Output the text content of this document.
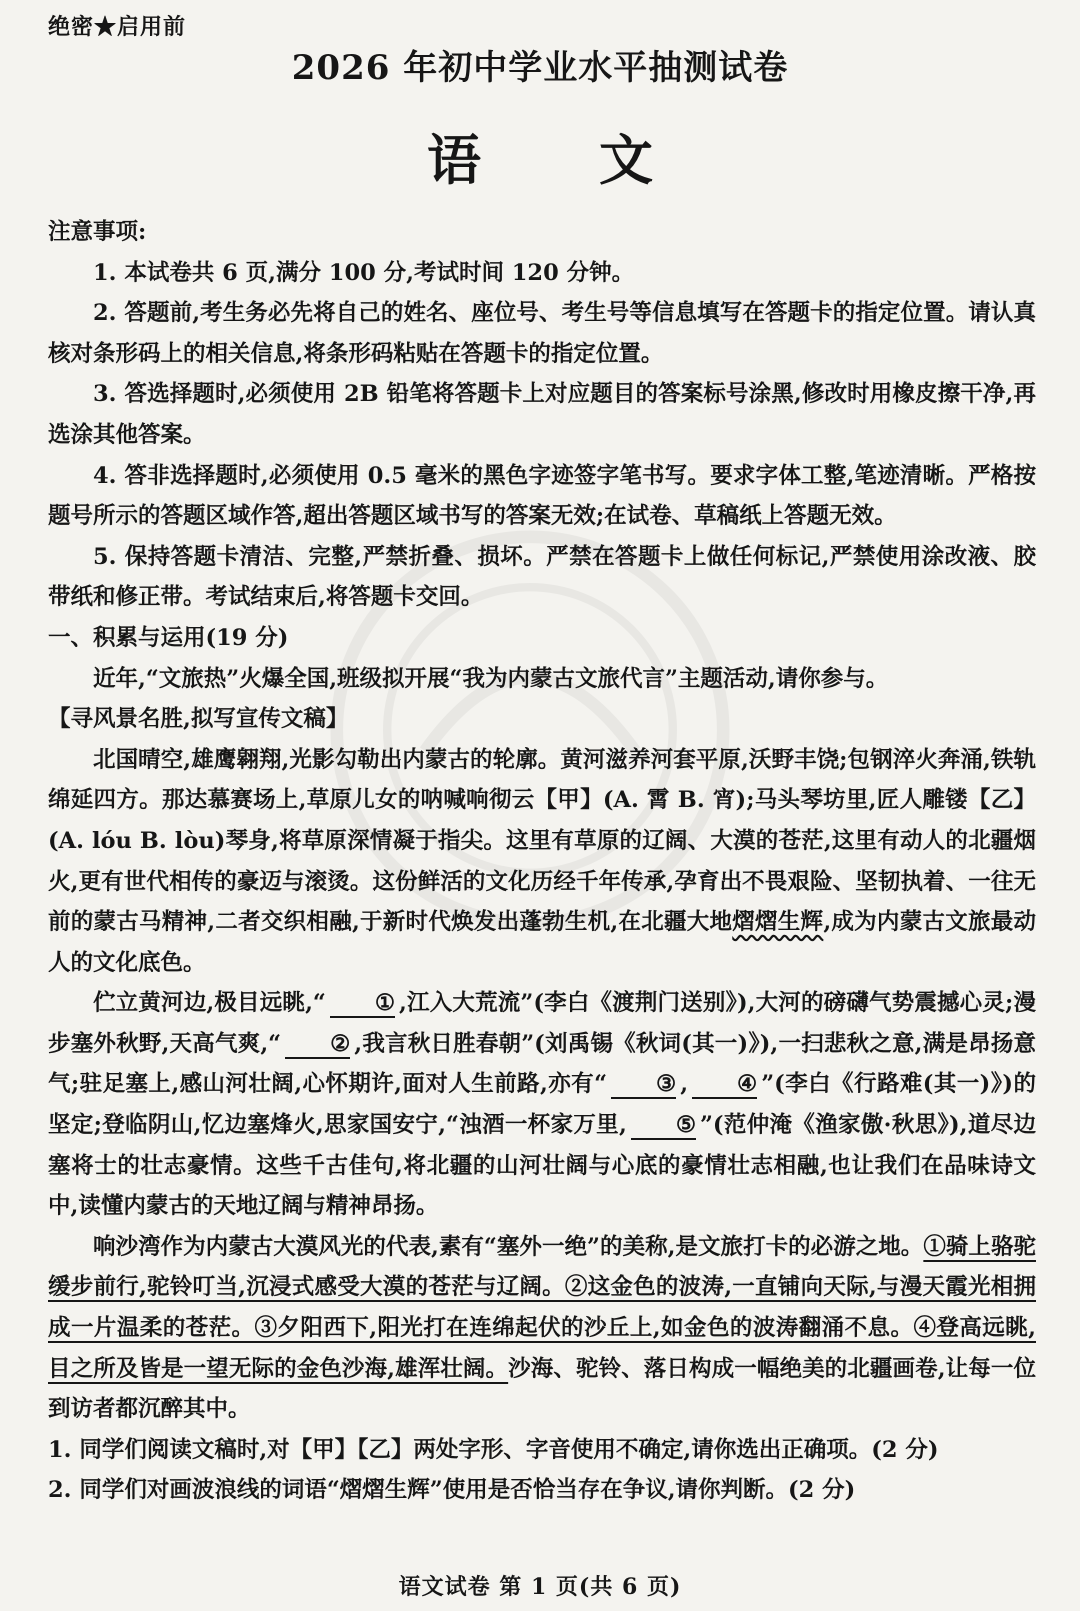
绝密★启用前
2026 年初中学业水平抽测试卷
语文

注意事项:

1. 本试卷共 6 页,满分 100 分,考试时间 120 分钟。

2. 答题前,考生务必先将自己的姓名、座位号、考生号等信息填写在答题卡的指定位置。请认真核对条形码上的相关信息,将条形码粘贴在答题卡的指定位置。

3. 答选择题时,必须使用 2B 铅笔将答题卡上对应题目的答案标号涂黑,修改时用橡皮擦干净,再选涂其他答案。

4. 答非选择题时,必须使用 0.5 毫米的黑色字迹签字笔书写。要求字体工整,笔迹清晰。严格按题号所示的答题区域作答,超出答题区域书写的答案无效;在试卷、草稿纸上答题无效。

5. 保持答题卡清洁、完整,严禁折叠、损坏。严禁在答题卡上做任何标记,严禁使用涂改液、胶带纸和修正带。考试结束后,将答题卡交回。

一、积累与运用(19 分)

近年,“文旅热”火爆全国,班级拟开展“我为内蒙古文旅代言”主题活动,请你参与。

【寻风景名胜,拟写宣传文稿】

北国晴空,雄鹰翱翔,光影勾勒出内蒙古的轮廓。黄河滋养河套平原,沃野丰饶;包钢淬火奔涌,铁轨绵延四方。那达慕赛场上,草原儿女的呐喊响彻云【甲】(A. 霄 B. 宵);马头琴坊里,匠人雕镂【乙】(A. lóu B. lòu)琴身,将草原深情凝于指尖。这里有草原的辽阔、大漠的苍茫,这里有动人的北疆烟火,更有世代相传的豪迈与滚烫。这份鲜活的文化历经千年传承,孕育出不畏艰险、坚韧执着、一往无前的蒙古马精神,二者交织相融,于新时代焕发出蓬勃生机,在北疆大地熠熠生辉,成为内蒙古文旅最动人的文化底色。

伫立黄河边,极目远眺,“ ① ,江入大荒流”(李白《渡荆门送别》),大河的磅礴气势震撼心灵;漫步塞外秋野,天高气爽,“ ② ,我言秋日胜春朝”(刘禹锡《秋词(其一)》),一扫悲秋之意,满是昂扬意气;驻足塞上,感山河壮阔,心怀期许,面对人生前路,亦有“ ③ , ④ ”(李白《行路难(其一)》)的坚定;登临阴山,忆边塞烽火,思家国安宁,“浊酒一杯家万里, ⑤ ”(范仲淹《渔家傲·秋思》),道尽边塞将士的壮志豪情。这些千古佳句,将北疆的山河壮阔与心底的豪情壮志相融,也让我们在品味诗文中,读懂内蒙古的天地辽阔与精神昂扬。

响沙湾作为内蒙古大漠风光的代表,素有“塞外一绝”的美称,是文旅打卡的必游之地。①骑上骆驼缓步前行,驼铃叮当,沉浸式感受大漠的苍茫与辽阔。②这金色的波涛,一直铺向天际,与漫天霞光相拥成一片温柔的苍茫。③夕阳西下,阳光打在连绵起伏的沙丘上,如金色的波涛翻涌不息。④登高远眺,目之所及皆是一望无际的金色沙海,雄浑壮阔。沙海、驼铃、落日构成一幅绝美的北疆画卷,让每一位到访者都沉醉其中。

1. 同学们阅读文稿时,对【甲】【乙】两处字形、字音使用不确定,请你选出正确项。(2 分)

2. 同学们对画波浪线的词语“熠熠生辉”使用是否恰当存在争议,请你判断。(2 分)

语文试卷 第 1 页(共 6 页)
